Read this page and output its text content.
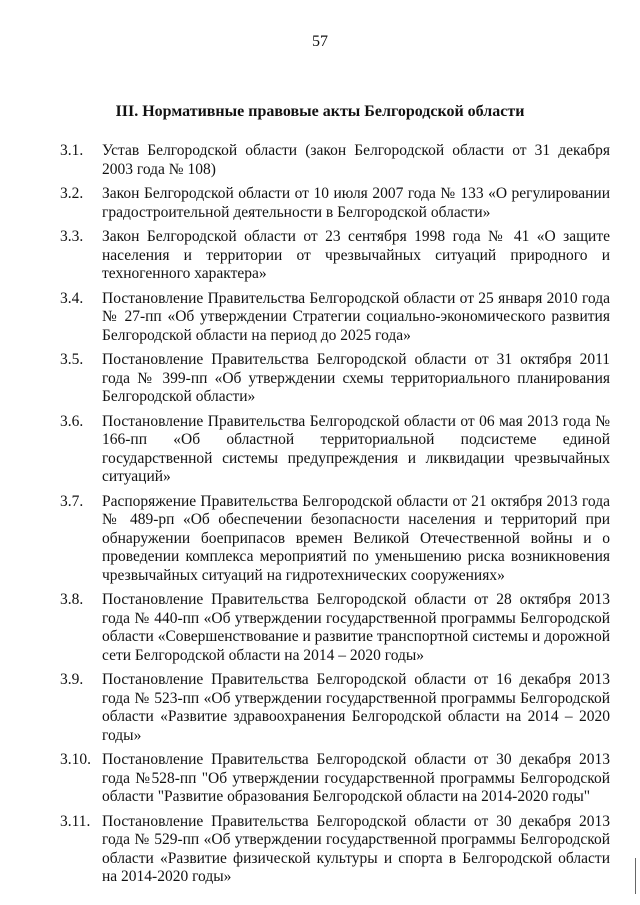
57
III. Нормативные правовые акты Белгородской области
3.1.	Устав Белгородской области (закон Белгородской области от 31 декабря 2003 года № 108)
3.2.	Закон Белгородской области от 10 июля 2007 года № 133 «О регулировании градостроительной деятельности в Белгородской области»
3.3.	Закон Белгородской области от 23 сентября 1998 года № 41 «О защите населения и территории от чрезвычайных ситуаций природного и техногенного характера»
3.4.	Постановление Правительства Белгородской области от 25 января 2010 года № 27-пп «Об утверждении Стратегии социально-экономического развития Белгородской области на период до 2025 года»
3.5.	Постановление Правительства Белгородской области от 31 октября 2011 года № 399-пп «Об утверждении схемы территориального планирования Белгородской области»
3.6.	Постановление Правительства Белгородской области от 06 мая 2013 года № 166-пп «Об областной территориальной подсистеме единой государственной системы предупреждения и ликвидации чрезвычайных ситуаций»
3.7.	Распоряжение Правительства Белгородской области от 21 октября 2013 года № 489-рп «Об обеспечении безопасности населения и территорий при обнаружении боеприпасов времен Великой Отечественной войны и о проведении комплекса мероприятий по уменьшению риска возникновения чрезвычайных ситуаций на гидротехнических сооружениях»
3.8.	Постановление Правительства Белгородской области от 28 октября 2013 года № 440-пп «Об утверждении государственной программы Белгородской области «Совершенствование и развитие транспортной системы и дорожной сети Белгородской области на 2014 – 2020 годы»
3.9.	Постановление Правительства Белгородской области от 16 декабря 2013 года № 523-пп «Об утверждении государственной программы Белгородской области «Развитие здравоохранения Белгородской области на 2014 – 2020 годы»
3.10. Постановление Правительства Белгородской области от 30 декабря 2013 года №528-пп "Об утверждении государственной программы Белгородской области "Развитие образования Белгородской области на 2014-2020 годы"
3.11. Постановление Правительства Белгородской области от 30 декабря 2013 года № 529-пп «Об утверждении государственной программы Белгородской области «Развитие физической культуры и спорта в Белгородской области на 2014-2020 годы»
